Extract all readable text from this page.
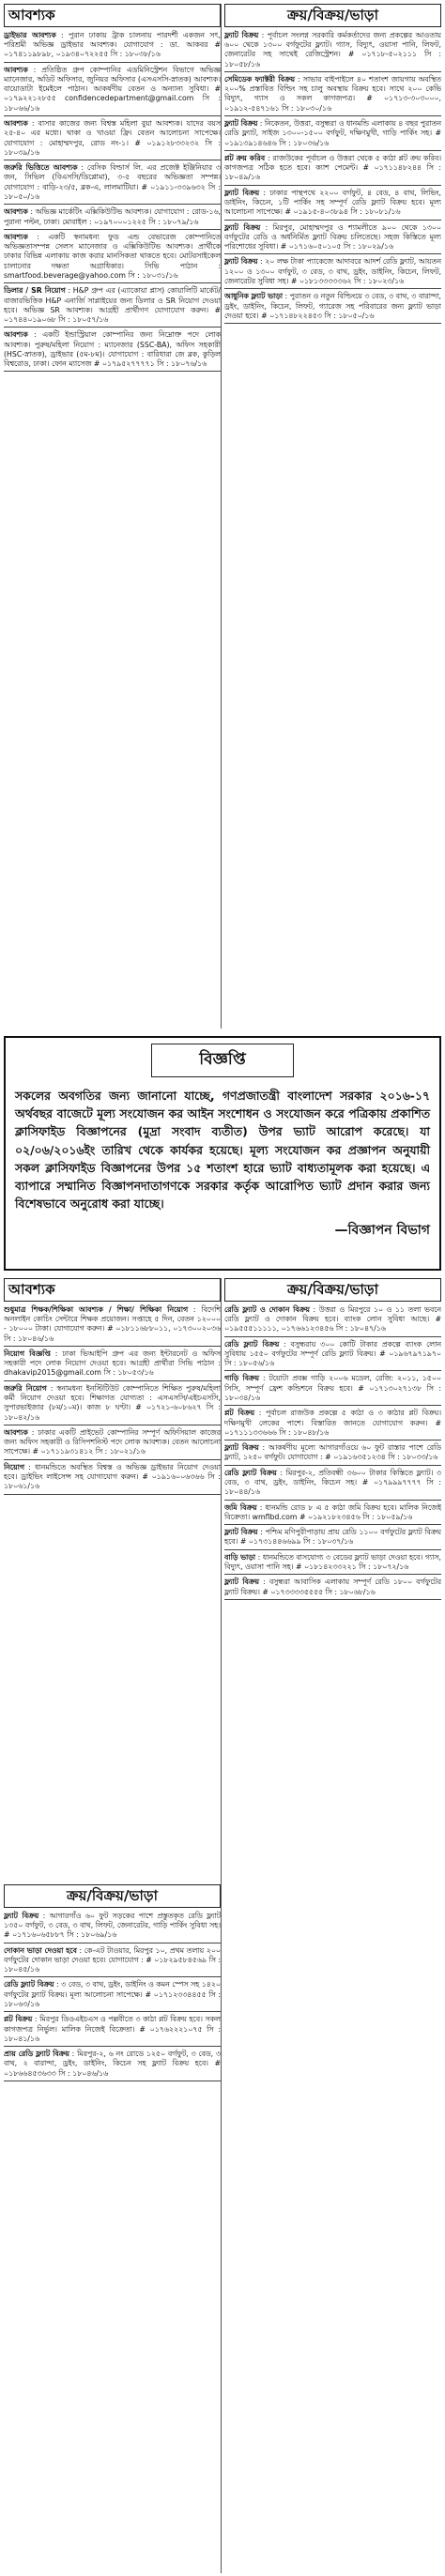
আবশ্যক
ড্রাইভার আবশ্যক : পুরান ঢাকায় ট্রাক চালনায় পারদর্শী একজন সৎ, পরিশ্রমী অভিজ্ঞ ড্রাইভার আবশ্যক। যোগাযোগ : ডা. আকবর # ০১৭৪১১৯৮৯৮, ০১৯৩৪০৭২২৫৫ সি : ১৮০৩৮/১৬
আবশ্যক : প্রতিষ্ঠিত গ্রুপ কোম্পানির এডমিনিস্ট্রেশন বিভাগে অভিজ্ঞ ম্যানেজার, অডিট অফিসার, জুনিয়র অফিসার (এসএসসি-স্নাতক) আবশ্যক। বায়োডাটা ইমেইলে পাঠান। আকর্ষণীয় বেতন ও অন্যান্য সুবিধা। # ০১৭৯২২১২৮৫৫ confidencedepartment@gmail.com সি : ১৮০৬৬/১৬
আবশ্যক : বাসার কাজের জন্য বিশ্বস্ত মহিলা বুয়া আবশ্যক। যাদের বয়স ২৫-৪০ এর মধ্যে। থাকা ও খাওয়া ফ্রি। বেতন আলোচনা সাপেক্ষে। যোগাযোগ : মোহাম্মদপুর, রোড নং-১। # ০১৯১২৮৩৩২৩২ সি : ১৮০৩৯/১৬
জরুরি ভিত্তিতে আবশ্যক : বেসিক বিল্ডার্স লি. এর প্রজেক্ট ইঞ্জিনিয়ার ৩ জন, সিভিল (বিএসসি/ডিপ্লোমা), ৩-৫ বছরের অভিজ্ঞতা সম্পন্ন। যোগাযোগ : বাড়ি-২৩/৫, ব্লক-এ, লালমাটিয়া। # ০১৯১১-৩৩৯৬৩২ সি : ১৮০৫০/১৬
আবশ্যক : অভিজ্ঞ মার্কেটিং এক্সিকিউটিভ আবশ্যক। যোগাযোগ : রোড-১৬, পুরানা পল্টন, ঢাকা। মোবাইল : ০১৯৭০০০১২২৫ সি : ১৮০৭৯/১৬
আবশ্যক : একটি স্বনামধন্য ফুড এন্ড বেভারেজ কোম্পানিতে অভিজ্ঞতাসম্পন্ন সেলস ম্যানেজার ও এক্সিকিউটিভ আবশ্যক। প্রার্থীকে ঢাকার বিভিন্ন এলাকায় কাজ করার মানসিকতা থাকতে হবে। মোটরসাইকেল চালানোর দক্ষতা অগ্রাধিকার। সিভি পাঠান : smartfood.beverage@yahoo.com সি : ১৮০৩১/১৬
ডিলার / SR নিয়োগ : H&P গ্রুপ এর (এ্যাকোয়া প্লাস) কোয়ালিটি মার্কেট/বাজারভিত্তিক H&P এনার্জি সাপ্লাইয়ের জন্য ডিলার ও SR নিয়োগ দেওয়া হবে। অভিজ্ঞ SR আবশ্যক। আগ্রহী প্রার্থীগণ যোগাযোগ করুন। # ০১৭৪৪০১৯০৬৮ সি : ১৮০৫৭/১৬
আবশ্যক : একটি ইন্ডাস্ট্রিয়াল কোম্পানির জন্য নিম্নোক্ত পদে লোক আবশ্যক। পুরুষ/মহিলা নিয়োগ : ম্যানেজার (SSC-BA), অফিস সহকারী (HSC-স্নাতক), ড্রাইভার (৫ম-৮ম)। যোগাযোগ : বারিধারা জে ব্লক, কুড়িল বিশ্বরোড, ঢাকা। ফোন ম্যাসেজ # ০১৭৯৫২৭৭৭৭১ সি : ১৮০৭৬/১৬
ক্রয়/বিক্রয়/ভাড়া
ফ্ল্যাট বিক্রয় : পূর্বাচল সংলগ্ন সরকারি কর্মকর্তাদের জন্য প্রকল্পের আওতায় ৬০০ থেকে ১৩০০ বর্গফুটের ফ্ল্যাট। গ্যাস, বিদ্যুৎ, ওয়াসা পানি, লিফট, জেনারেটর সহ সাথেই রেজিস্ট্রেশন। # ০১৭১৮-৫০২১১১ সি : ১৮০৫৮/১৬
সেমিডেক ফ্যাক্টরী বিক্রয় : সাভার বাইপাইলে ৪০ শতাংশ জায়গায় অবস্থিত ২০০% প্রস্তাবিত বিল্ডিং সহ চালু অবস্থায় বিক্রয় হবে। সাথে ২০০ কেভি বিদ্যুৎ, গ্যাস ও সকল কাগজপত্র। # ০১৭১৩-৩০৩০০০, ০১৯১২-৫৪৭১৬১ সি : ১৮০৩০/১৬
ফ্ল্যাট বিক্রয় : নিকেতন, উত্তরা, বসুন্ধরা ও ধানমন্ডি এলাকায় ৪ বছর পুরাতন রেডি ফ্ল্যাট, সাইজ ১৩০০-১৫০০ বর্গফুট, দক্ষিণমুখী, গাড়ি পার্কিং সহ। # ০১৯১৩৯১৪৬৪৬ সি : ১৮০৩৬/১৬
প্লট ক্রয় করিব : রাজউকের পূর্বাচল ও উত্তরা থেকে ৫ কাঠা প্লট ক্রয় করিব। কাগজপত্র সঠিক হতে হবে। ক্যাশ পেমেন্ট। # ০১৭১১৪৮২৪৪ সি : ১৮০৪৯/১৬
ফ্ল্যাট বিক্রয় : ঢাকার পান্থপথে ২২০০ বর্গফুট, ৪ বেড, ৪ বাথ, লিভিং, ডাইনিং, কিচেন, ১টি পার্কিং সহ সম্পূর্ণ রেডি ফ্ল্যাট বিক্রয় হবে। মূল্য আলোচনা সাপেক্ষে। # ০১৯১৫-৪০৩৮৯৪ সি : ১৮০৮১/১৬
ফ্ল্যাট বিক্রয় : মিরপুর, মোহাম্মদপুর ও শ্যামলীতে ৯০০ থেকে ১৩০০ বর্গফুটের রেডি ও অর্ধনির্মিত ফ্ল্যাট বিক্রয় চলিতেছে। সহজ কিস্তিতে মূল্য পরিশোধের সুবিধা। # ০১৭১৬০৫০১০৫ সি : ১৮০২৯/১৬
ফ্ল্যাট বিক্রয় : ২০ লক্ষ টাকা প্যাকেজে আদাবরে আদর্শ রেডি ফ্ল্যাট, আয়তন ১২০০ ও ১৩০০ বর্গফুট, ৩ বেড, ৩ বাথ, ড্রইং, ডাইনিং, কিচেন, লিফট, জেনারেটর সুবিধা সহ। # ০১৮১৩৩৩৩৩৬২ সি : ১৮০২৩/১৬
আধুনিক ফ্ল্যাট ভাড়া : পুরাতন ও নতুন বিল্ডিংয়ে ৩ বেড, ৩ বাথ, ৩ বারান্দা, ড্রইং, ডাইনিং, কিচেন, লিফট, গ্যারেজ সহ পরিবারের জন্য ফ্ল্যাট ভাড়া দেওয়া হবে। # ০১৭১৪৮২২৪৫৩ সি : ১৮০৫০/১৬
বিজ্ঞপ্তি
সকলের অবগতির জন্য জানানো যাচ্ছে, গণপ্রজাতন্ত্রী বাংলাদেশ সরকার ২০১৬-১৭ অর্থবছর বাজেটে মূল্য সংযোজন কর আইন সংশোধন ও সংযোজন করে পত্রিকায় প্রকাশিত ক্লাসিফাইড বিজ্ঞাপনের (মুদ্রা সংবাদ ব্যতীত) উপর ভ্যাট আরোপ করেছে। যা ০২/০৬/২০১৬ইং তারিখ থেকে কার্যকর হয়েছে। মূল্য সংযোজন কর প্রজ্ঞাপন অনুযায়ী সকল ক্লাসিফাইড বিজ্ঞাপনের উপর ১৫ শতাংশ হারে ভ্যাট বাধ্যতামূলক করা হয়েছে। এ ব্যাপারে সম্মানিত বিজ্ঞাপনদাতাগণকে সরকার কর্তৃক আরোপিত ভ্যাট প্রদান করার জন্য বিশেষভাবে অনুরোধ করা যাচ্ছে।
—বিজ্ঞাপন বিভাগ
আবশ্যক
শুধুমাত্র শিক্ষক/শিক্ষিকা আবশ্যক / শিক্ষা/ শিক্ষিকা নিয়োগ : বিদেশি অনলাইন কোচিং সেন্টারে শিক্ষক প্রয়োজন। সপ্তাহে ৫ দিন, বেতন ১২০০০ - ১৮০০০ টাকা। যোগাযোগ করুন। # ০১৮১১৬৮৮০১১, ০১৭৩০০২০৩৬ সি : ১৮০৪৬/১৬
নিয়োগ বিজ্ঞপ্তি : ঢাকা ভিআইপি গ্রুপ এর জন্য ইন্টারনেট ও অফিস সহকারী পদে লোক নিয়োগ দেওয়া হবে। আগ্রহী প্রার্থীরা সিভি পাঠান : dhakavip2015@gmail.com সি : ১৮০৫৩/১৬
জরুরি নিয়োগ : স্বনামধন্য ইনস্টিটিউট কোম্পানিতে শিক্ষিত পুরুষ/মহিলা কর্মী নিয়োগ দেওয়া হবে। শিক্ষাগত যোগ্যতা : এসএসসি/এইচএসসি, সুপারভাইজার (৮ম/১০ম)। কাজ ৮ ঘণ্টা। # ০১৭২১-৬০৮৬২৭ সি : ১৮০৪২/১৬
আবশ্যক : ঢাকার একটি প্রাইভেট কোম্পানির সম্পূর্ণ অফিসিয়াল কাজের জন্য অফিস সহকারী ও রিসিপশনিস্ট পদে লোক আবশ্যক। বেতন আলোচনা সাপেক্ষে। # ০১৭১১৯৩১৪১২ সি : ১৮০২১/১৬
নিয়োগ : ধানমন্ডিতে অবস্থিত বিশ্বস্ত ও অভিজ্ঞ ড্রাইভার নিয়োগ দেওয়া হবে। ড্রাইভিং লাইসেন্স সহ যোগাযোগ করুন। # ০১৯১৬০০৬৩৬৬ সি : ১৮০৬১/১৬
ক্রয়/বিক্রয়/ভাড়া
ফ্ল্যাট বিক্রয় : আগারগাঁও ৬০ ফুট সড়কের পাশে প্রস্তুতকৃত রেডি ফ্ল্যাট ১৩৫০ বর্গফুট, ৩ বেড, ৩ বাথ, লিফট, জেনারেটর, গাড়ি পার্কিং সুবিধা সহ। # ০১৭১৬০৬৫৮৮৭ সি : ১৮০৬৯/১৬
দোকান ভাড়া দেওয়া হবে : কে-এট টাওয়ার, মিরপুর ১০, প্রথম তলায় ২০০ বর্গফুটের দোকান ভাড়া দেওয়া হবে। যোগাযোগ : # ০১৮২৯৫৮৪৫৬৯ সি : ১৮০৪৫/১৬
রেডি ফ্ল্যাট বিক্রয় : ৩ বেড, ৩ বাথ, ড্রইং, ডাইনিং ও কমন স্পেস সহ ১৪২০ বর্গফুটের ফ্ল্যাট বিক্রয়। মূল্য আলোচনা সাপেক্ষে। # ০১৭১২৩৩৪৪৫৫ সি : ১৮০৬৩/১৬
প্লট বিক্রয় : মিরপুর ডিওএইচএস ও পল্লবীতে ৩ কাঠা প্লট বিক্রয় হবে। সকল কাগজপত্র নির্ভুল। মালিক নিজেই বিক্রেতা। # ০১৭৬২২২১০৭৫ সি : ১৮০৪১/১৬
প্রায় রেডি ফ্ল্যাট বিক্রয় : মিরপুর-২, ৬ নং রোডে ১২৫০ বর্গফুট, ৩ বেড, ৩ বাথ, ২ বারান্দা, ড্রইং, ডাইনিং, কিচেন সহ ফ্ল্যাট বিক্রয় হবে। # ০১৮৬৬৪৫৩৬৩৩ সি : ১৮০৪৬/১৬
ক্রয়/বিক্রয়/ভাড়া
রেডি ফ্ল্যাট ও দোকান বিক্রয় : উত্তরা ও মিরপুরে ১০ ও ১১ তলা ভবনে রেডি ফ্ল্যাট ও দোকান বিক্রয় হবে। ব্যাংক লোন সুবিধা আছে। # ০১৯৫৫৫১১১১১, ০১৭৬৬১২৩৪৫৬ সি : ১৮০৪৭/১৬
রেডি ফ্ল্যাট বিক্রয় : বসুন্ধরায় ৩০০ কোটি টাকার প্রকল্পে ব্যাংক লোন সুবিধায় ১৫৫০ বর্গফুটের সম্পূর্ণ রেডি ফ্ল্যাট বিক্রয়। # ০১৯৬৭৯৭১৯৭০ সি : ১৮০৫৬/১৬
গাড়ি বিক্রয় : টয়োটা প্রবক্স গাড়ি ২০০৬ মডেল, রেজি: ২০১১, ১৫০০ সিসি, সম্পূর্ণ ফ্রেশ কন্ডিশনে বিক্রয় হবে। # ০১৭১৩০২৭১৩৮ সি : ১৮০৩৪/১৬
প্লট বিক্রয় : পূর্বাচল রাজউক প্রকল্পে ৫ কাঠা ও ৩ কাঠার প্লট বিক্রয়। দক্ষিণমুখী লেকের পাশে। বিস্তারিত জানতে যোগাযোগ করুন। # ০১৭১১১৩৩৬৬৬ সি : ১৮০৪৮/১৬
ফ্ল্যাট বিক্রয় : আকর্ষণীয় মূল্যে আগারগাঁওয়ে ৬০ ফুট রাস্তার পাশে রেডি ফ্ল্যাট, ১২৫০ বর্গফুট। যোগাযোগ : # ০১৯১৬৩৫১২৩৪ সি : ১৮০৩৩/১৬
রেডি ফ্ল্যাট বিক্রয় : মিরপুর-২, প্রতিবন্ধী ৩৬০০ টাকার কিস্তিতে ফ্ল্যাট। ৩ বেড, ৩ বাথ, ড্রইং, ডাইনিং, কিচেন সহ। # ০১৭৯৯৯৭৭৭৭ সি : ১৮০৪৪/১৬
জমি বিক্রয় : ধানমন্ডি রোড ৮ এ ৫ কাঠা জমি বিক্রয় হবে। মালিক নিজেই বিক্রেতা। wmflbd.com # ০১৯২১৮২৩৪৫৬ সি : ১৮০৫৯/১৬
ফ্ল্যাট বিক্রয় : পশ্চিম মণিপুরীপাড়ায় প্রায় রেডি ১১০০ বর্গফুটের ফ্ল্যাট বিক্রয় হবে। # ০১৭৩১৪৪৬৬৯৯ সি : ১৮০৩৭/১৬
বাড়ি ভাড়া : ধানমন্ডিতে বাসযোগ্য ৩ বেডের ফ্ল্যাট ভাড়া দেওয়া হবে। গ্যাস, বিদ্যুৎ, ওয়াসা পানি সহ। # ০১৮১৪২৩৩২২১ সি : ১৮০৭২/১৬
ফ্ল্যাট বিক্রয় : বসুন্ধরা আবাসিক এলাকায় সম্পূর্ণ রেডি ১৮০০ বর্গফুটের ফ্ল্যাট বিক্রয়। # ০১৭৩৩৩৩৫৫৫৫ সি : ১৮০৬৮/১৬
